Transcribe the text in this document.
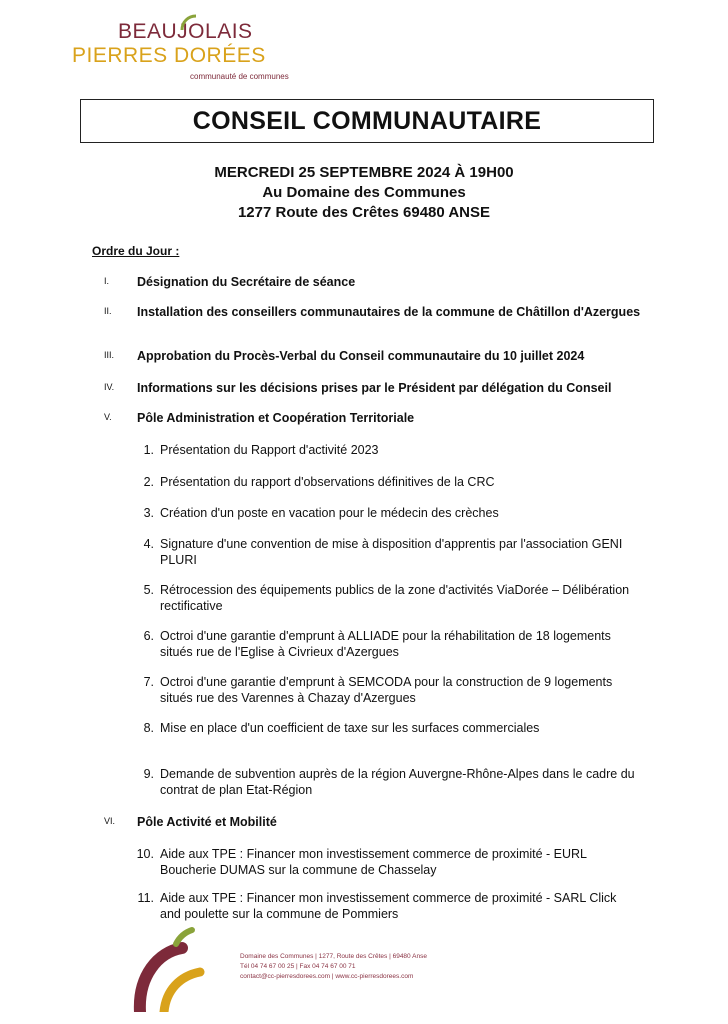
BEAUJOLAIS
PIERRES DORÉES
communauté de communes
CONSEIL COMMUNAUTAIRE
MERCREDI 25 SEPTEMBRE 2024 À 19H00
Au Domaine des Communes
1277 Route des Crêtes 69480 ANSE
Ordre du Jour :
I. Désignation du Secrétaire de séance
II. Installation des conseillers communautaires de la commune de Châtillon d'Azergues
III. Approbation du Procès-Verbal du Conseil communautaire du 10 juillet 2024
IV. Informations sur les décisions prises par le Président par délégation du Conseil
V. Pôle Administration et Coopération Territoriale
1. Présentation du Rapport d'activité 2023
2. Présentation du rapport d'observations définitives de la CRC
3. Création d'un poste en vacation pour le médecin des crèches
4. Signature d'une convention de mise à disposition d'apprentis par l'association GENI PLURI
5. Rétrocession des équipements publics de la zone d'activités ViaDorée – Délibération rectificative
6. Octroi d'une garantie d'emprunt à ALLIADE pour la réhabilitation de 18 logements situés rue de l'Eglise à Civrieux d'Azergues
7. Octroi d'une garantie d'emprunt à SEMCODA pour la construction de 9 logements situés rue des Varennes à Chazay d'Azergues
8. Mise en place d'un coefficient de taxe sur les surfaces commerciales
9. Demande de subvention auprès de la région Auvergne-Rhône-Alpes dans le cadre du contrat de plan Etat-Région
VI. Pôle Activité et Mobilité
10. Aide aux TPE : Financer mon investissement commerce de proximité - EURL Boucherie DUMAS sur la commune de Chasselay
11. Aide aux TPE : Financer mon investissement commerce de proximité - SARL Click and poulette sur la commune de Pommiers
Domaine des Communes | 1277, Route des Crêtes | 69480 Anse
Tél 04 74 67 00 25 | Fax 04 74 67 00 71
contact@cc-pierresdorees.com | www.cc-pierresdorees.com
